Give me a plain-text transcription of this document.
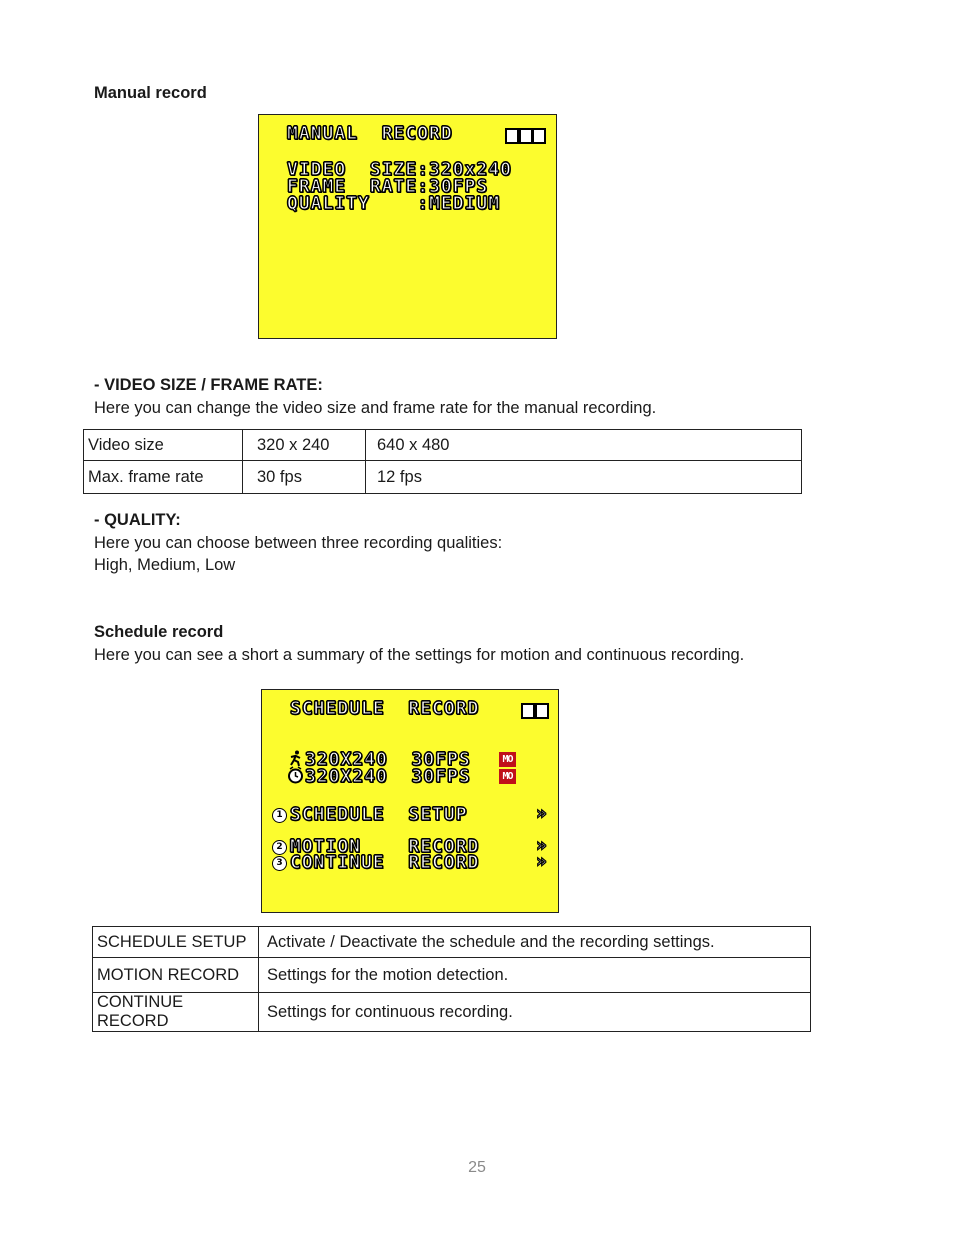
Manual record
MANUAL  RECORD
VIDEO  SIZE:320x240
FRAME  RATE:30FPS
QUALITY    :MEDIUM
- VIDEO SIZE / FRAME RATE:
Here you can change the video size and frame rate for the manual recording.
Video size	320 x 240	640 x 480
Max. frame rate	30 fps	12 fps
- QUALITY:
Here you can choose between three recording qualities:
High, Medium, Low
Schedule record
Here you can see a short a summary of the settings for motion and continuous recording.
SCHEDULE  RECORD
320X240  30FPS	MO
320X240  30FPS	MO
1 SCHEDULE  SETUP	»
2 MOTION    RECORD	»
3 CONTINUE  RECORD	»
SCHEDULE SETUP	Activate / Deactivate the schedule and the recording settings.
MOTION RECORD	Settings for the motion detection.
CONTINUE RECORD	Settings for continuous recording.
25
